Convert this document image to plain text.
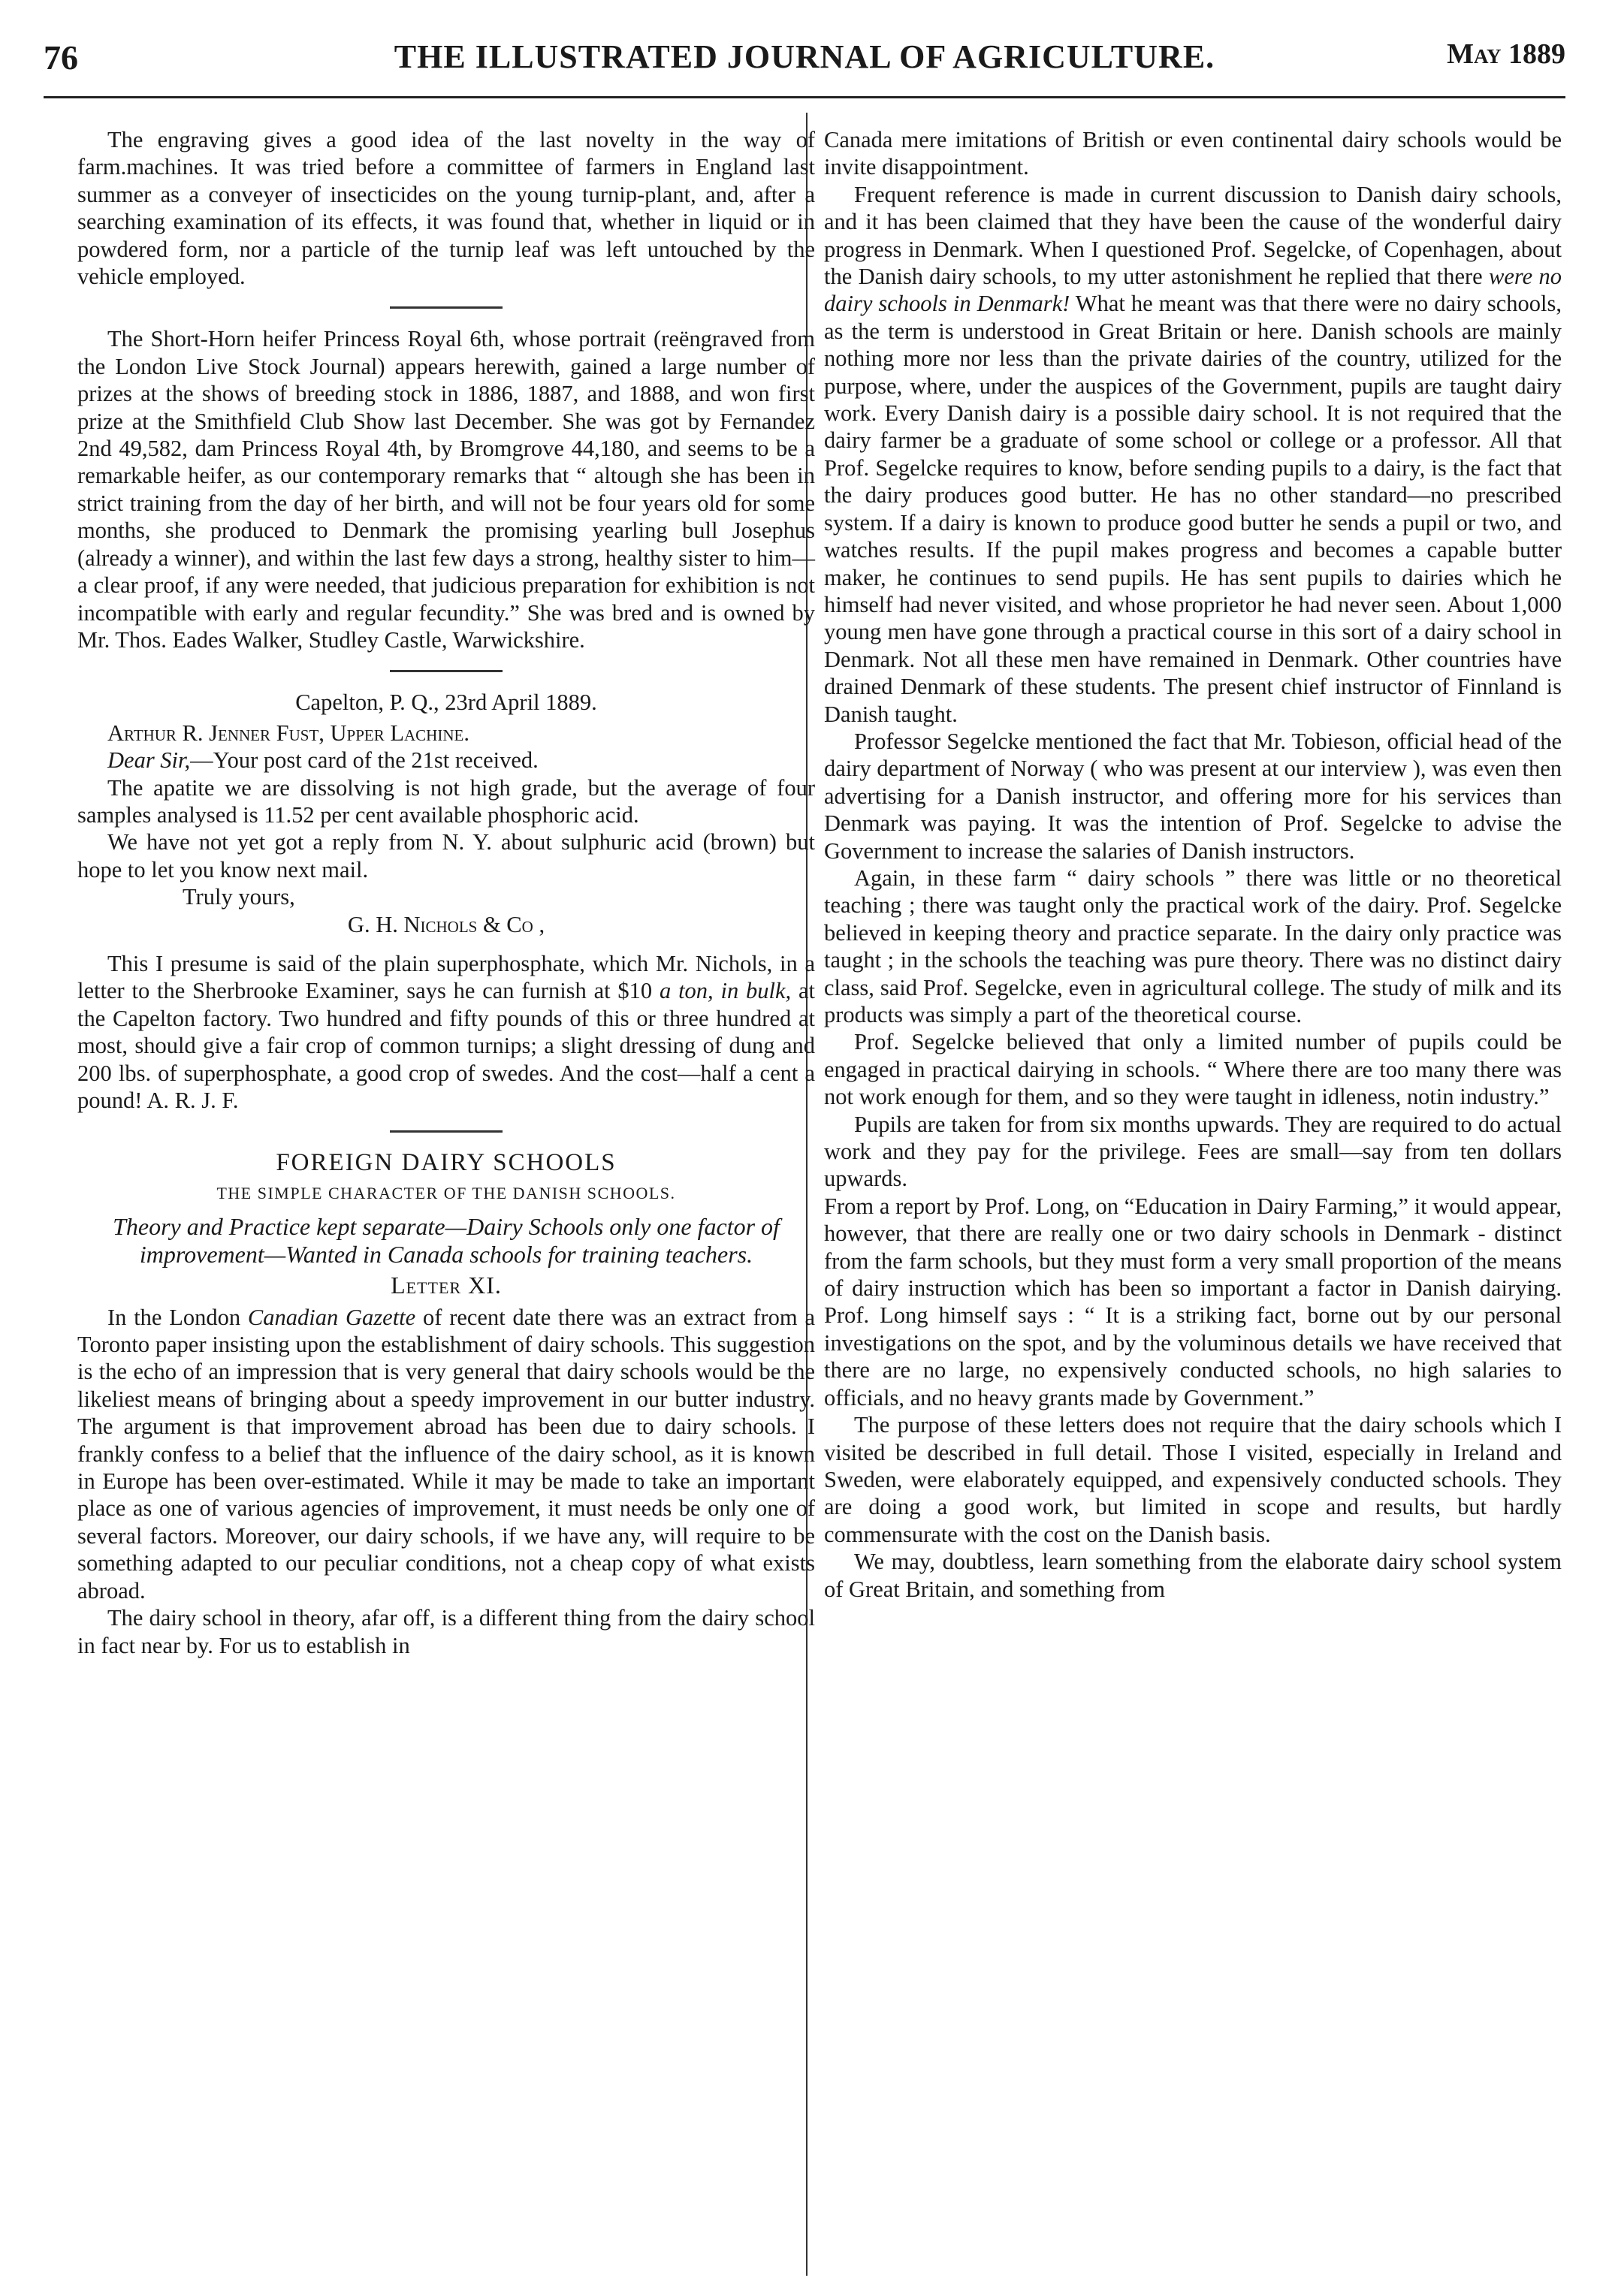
76	THE ILLUSTRATED JOURNAL OF AGRICULTURE.	May 1889

The engraving gives a good idea of the last novelty in the way of farm.machines. It was tried before a committee of farmers in England last summer as a conveyer of insecticides on the young turnip-plant, and, after a searching examination of its effects, it was found that, whether in liquid or in powdered form, nor a particle of the turnip leaf was left untouched by the vehicle employed.

The Short-Horn heifer Princess Royal 6th, whose portrait (reëngraved from the London Live Stock Journal) appears herewith, gained a large number of prizes at the shows of breeding stock in 1886, 1887, and 1888, and won first prize at the Smithfield Club Show last December. She was got by Fernandez 2nd 49,582, dam Princess Royal 4th, by Bromgrove 44,180, and seems to be a remarkable heifer, as our contemporary remarks that “ altough she has been in strict training from the day of her birth, and will not be four years old for some months, she produced to Denmark the promising yearling bull Josephus (already a winner), and within the last few days a strong, healthy sister to him—a clear proof, if any were needed, that judicious preparation for exhibition is not incompatible with early and regular fecundity.” She was bred and is owned by Mr. Thos. Eades Walker, Studley Castle, Warwickshire.

Capelton, P. Q., 23rd April 1889.

Arthur R. Jenner Fust, Upper Lachine.

Dear Sir,—Your post card of the 21st received.

The apatite we are dissolving is not high grade, but the average of four samples analysed is 11.52 per cent available phosphoric acid.

We have not yet got a reply from N. Y. about sulphuric acid (brown) but hope to let you know next mail.

Truly yours,

G. H. Nichols & Co ,

This I presume is said of the plain superphosphate, which Mr. Nichols, in a letter to the Sherbrooke Examiner, says he can furnish at $10 a ton, in bulk, at the Capelton factory. Two hundred and fifty pounds of this or three hundred at most, should give a fair crop of common turnips; a slight dressing of dung and 200 lbs. of superphosphate, a good crop of swedes. And the cost—half a cent a pound! A. R. J. F.

FOREIGN DAIRY SCHOOLS
THE SIMPLE CHARACTER OF THE DANISH SCHOOLS.
Theory and Practice kept separate—Dairy Schools only one factor of improvement—Wanted in Canada schools for training teachers.
Letter XI.

In the London Canadian Gazette of recent date there was an extract from a Toronto paper insisting upon the establishment of dairy schools. This suggestion is the echo of an impression that is very general that dairy schools would be the likeliest means of bringing about a speedy improvement in our butter industry. The argument is that improvement abroad has been due to dairy schools. I frankly confess to a belief that the influence of the dairy school, as it is known in Europe has been over-estimated. While it may be made to take an important place as one of various agencies of improvement, it must needs be only one of several factors. Moreover, our dairy schools, if we have any, will require to be something adapted to our peculiar conditions, not a cheap copy of what exists abroad.

The dairy school in theory, afar off, is a different thing from the dairy school in fact near by. For us to establish in

Canada mere imitations of British or even continental dairy schools would be invite disappointment.

Frequent reference is made in current discussion to Danish dairy schools, and it has been claimed that they have been the cause of the wonderful dairy progress in Denmark. When I questioned Prof. Segelcke, of Copenhagen, about the Danish dairy schools, to my utter astonishment he replied that there were no dairy schools in Denmark! What he meant was that there were no dairy schools, as the term is understood in Great Britain or here. Danish schools are mainly nothing more nor less than the private dairies of the country, utilized for the purpose, where, under the auspices of the Government, pupils are taught dairy work. Every Danish dairy is a possible dairy school. It is not required that the dairy farmer be a graduate of some school or college or a professor. All that Prof. Segelcke requires to know, before sending pupils to a dairy, is the fact that the dairy produces good butter. He has no other standard—no prescribed system. If a dairy is known to produce good butter he sends a pupil or two, and watches results. If the pupil makes progress and becomes a capable butter maker, he continues to send pupils. He has sent pupils to dairies which he himself had never visited, and whose proprietor he had never seen. About 1,000 young men have gone through a practical course in this sort of a dairy school in Denmark. Not all these men have remained in Denmark. Other countries have drained Denmark of these students. The present chief instructor of Finnland is Danish taught.

Professor Segelcke mentioned the fact that Mr. Tobieson, official head of the dairy department of Norway ( who was present at our interview ), was even then advertising for a Danish instructor, and offering more for his services than Denmark was paying. It was the intention of Prof. Segelcke to advise the Government to increase the salaries of Danish instructors.

Again, in these farm “ dairy schools ” there was little or no theoretical teaching ; there was taught only the practical work of the dairy. Prof. Segelcke believed in keeping theory and practice separate. In the dairy only practice was taught ; in the schools the teaching was pure theory. There was no distinct dairy class, said Prof. Segelcke, even in agricultural college. The study of milk and its products was simply a part of the theoretical course.

Prof. Segelcke believed that only a limited number of pupils could be engaged in practical dairying in schools. “ Where there are too many there was not work enough for them, and so they were taught in idleness, notin industry.”

Pupils are taken for from six months upwards. They are required to do actual work and they pay for the privilege. Fees are small—say from ten dollars upwards.

From a report by Prof. Long, on “Education in Dairy Farming,” it would appear, however, that there are really one or two dairy schools in Denmark - distinct from the farm schools, but they must form a very small proportion of the means of dairy instruction which has been so important a factor in Danish dairying. Prof. Long himself says : “ It is a striking fact, borne out by our personal investigations on the spot, and by the voluminous details we have received that there are no large, no expensively conducted schools, no high salaries to officials, and no heavy grants made by Government.”

The purpose of these letters does not require that the dairy schools which I visited be described in full detail. Those I visited, especially in Ireland and Sweden, were elaborately equipped, and expensively conducted schools. They are doing a good work, but limited in scope and results, but hardly commensurate with the cost on the Danish basis.

We may, doubtless, learn something from the elaborate dairy school system of Great Britain, and something from
